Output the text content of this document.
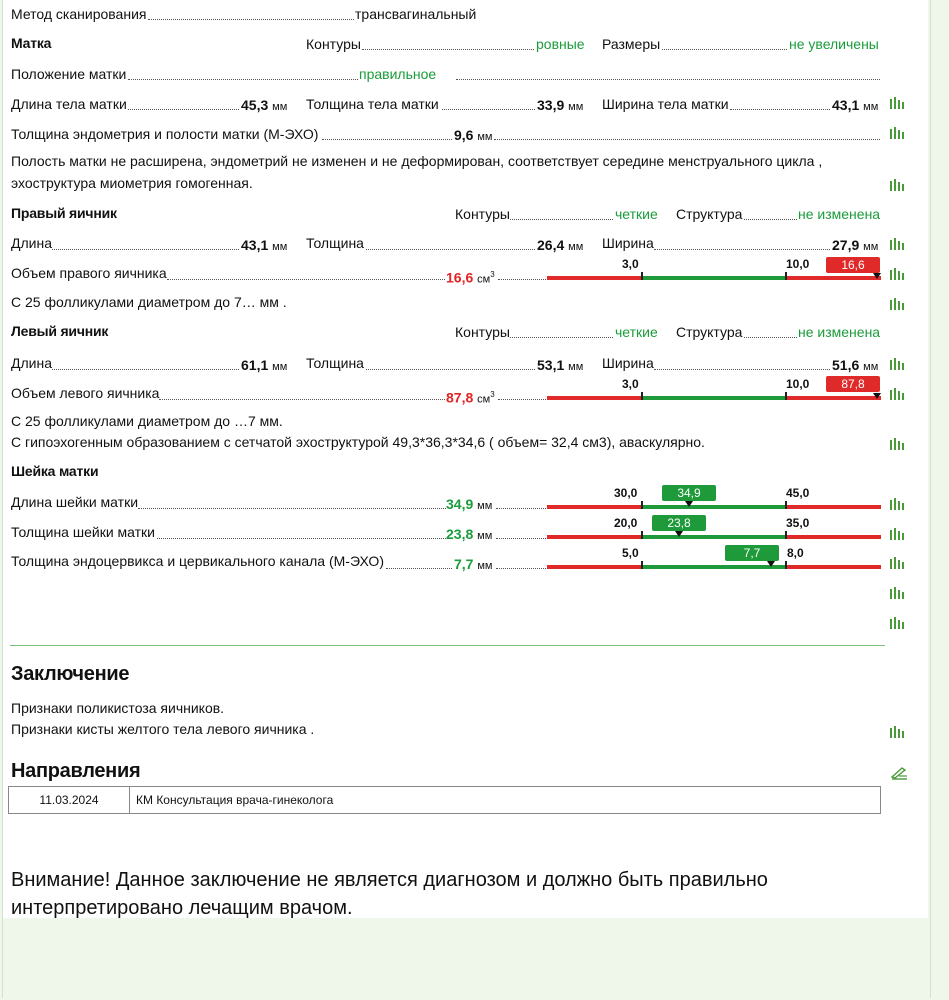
Метод сканирования	трансвагинальный
Матка	Контуры	ровные Размеры	не увеличены
Положение матки	правильное
Длина тела матки	45,3 мм Толщина тела матки	33,9 мм Ширина тела матки	43,1 мм
Толщина эндометрия и полости матки (М-ЭХО)	9,6 мм
Полость матки не расширена, эндометрий не изменен и не деформирован, соответствует середине менструального цикла ,
эхоструктура миометрия гомогенная.
Правый яичник	Контуры	четкие Структура	не изменена
Длина	43,1 мм Толщина	26,4 мм Ширина	27,9 мм
Объем правого яичника	16,6 $см^3$
3,0	10,0	16,6
С 25 фолликулами диаметром до 7… мм .
Левый яичник	Контуры	четкие Структура	не изменена
Длина	61,1 мм Толщина	53,1 мм Ширина	51,6 мм
Объем левого яичника	87,8 $см^3$
3,0	10,0	87,8
С 25 фолликулами диаметром до …7 мм.
С гипоэхогенным образованием с сетчатой эхоструктурой 49,3*36,3*34,6 ( объем= 32,4 см3), аваскулярно.
Шейка матки
Длина шейки матки	34,9 мм
30,0	45,0
34,9
Толщина шейки матки	23,8 мм
20,0	35,0
23,8
Толщина эндоцервикса и цервикального канала (М-ЭХО)	7,7 мм
5,0	8,0
7,7
Заключение
Признаки поликистоза яичников.
Признаки кисты желтого тела левого яичника .
Направления
11.03.2024	КМ Консультация врача-гинеколога
Внимание! Данное заключение не является диагнозом и должно быть правильно
интерпретировано лечащим врачом.
